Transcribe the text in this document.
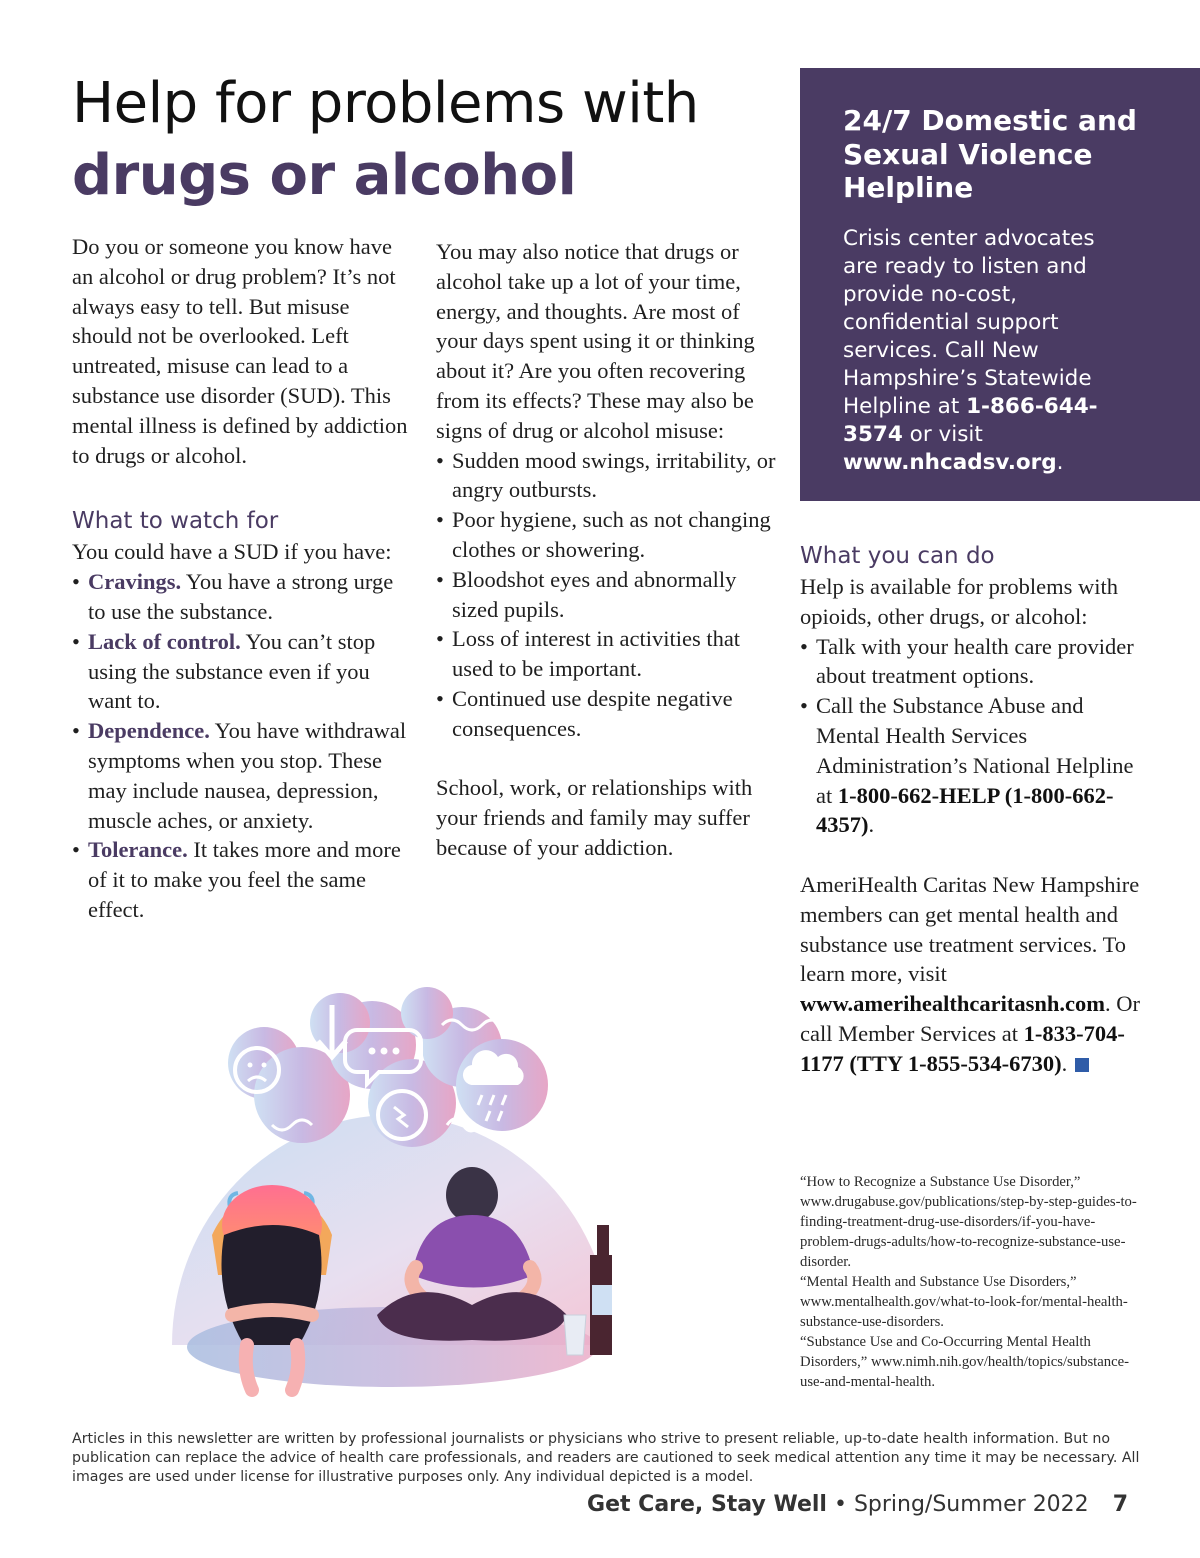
Help for problems with
drugs or alcohol

Do you or someone you know have an alcohol or drug problem? It’s not always easy to tell. But misuse should not be overlooked. Left untreated, misuse can lead to a substance use disorder (SUD). This mental illness is defined by addiction to drugs or alcohol.

What to watch for

You could have a SUD if you have:

• Cravings. You have a strong urge to use the substance.
• Lack of control. You can’t stop using the substance even if you want to.
• Dependence. You have withdrawal symptoms when you stop. These may include nausea, depression, muscle aches, or anxiety.
• Tolerance. It takes more and more of it to make you feel the same effect.

You may also notice that drugs or alcohol take up a lot of your time, energy, and thoughts. Are most of your days spent using it or thinking about it? Are you often recovering from its effects? These may also be signs of drug or alcohol misuse:

• Sudden mood swings, irritability, or angry outbursts.
• Poor hygiene, such as not changing clothes or showering.
• Bloodshot eyes and abnormally sized pupils.
• Loss of interest in activities that used to be important.
• Continued use despite negative consequences.

School, work, or relationships with your friends and family may suffer because of your addiction.

24/7 Domestic and Sexual Violence Helpline
Crisis center advocates are ready to listen and provide no-cost, confidential support services. Call New Hampshire’s Statewide Helpline at 1-866-644-3574 or visit www.nhcadsv.org.
What you can do

Help is available for problems with opioids, other drugs, or alcohol:

• Talk with your health care provider about treatment options.
• Call the Substance Abuse and Mental Health Services Administration’s National Helpline at 1-800-662-HELP (1-800-662-4357).

AmeriHealth Caritas New Hampshire members can get mental health and substance use treatment services. To learn more, visit www.amerihealthcaritasnh.com. Or call Member Services at 1-833-704-1177 (TTY 1-855-534-6730).

“How to Recognize a Substance Use Disorder,” www.drugabuse.gov/publications/step-by-step-guides-to-finding-treatment-drug-use-disorders/if-you-have-problem-drugs-adults/how-to-recognize-substance-use-disorder.
“Mental Health and Substance Use Disorders,” www.mentalhealth.gov/what-to-look-for/mental-health-substance-use-disorders.
“Substance Use and Co-Occurring Mental Health Disorders,” www.nimh.nih.gov/health/topics/substance-use-and-mental-health.
Articles in this newsletter are written by professional journalists or physicians who strive to present reliable, up-to-date health information. But no publication can replace the advice of health care professionals, and readers are cautioned to seek medical attention any time it may be necessary. All images are used under license for illustrative purposes only. Any individual depicted is a model.
Get Care, Stay Well • Spring/Summer 2022 7
